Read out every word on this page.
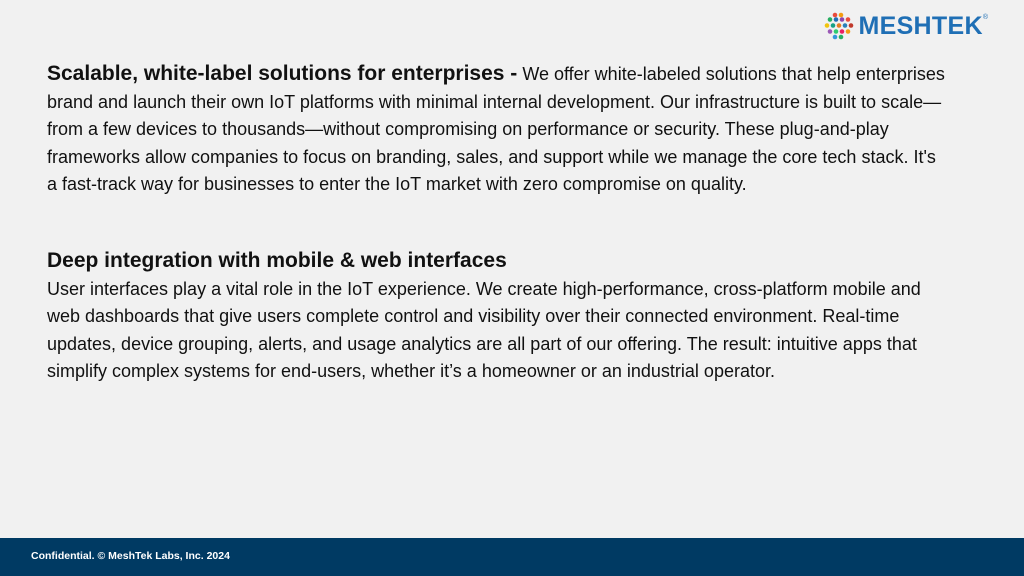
MESHTEK ®

Scalable, white-label solutions for enterprises - We offer white-labeled solutions that help enterprises brand and launch their own IoT platforms with minimal internal development. Our infrastructure is built to scale—from a few devices to thousands—without compromising on performance or security. These plug-and-play frameworks allow companies to focus on branding, sales, and support while we manage the core tech stack. It's a fast-track way for businesses to enter the IoT market with zero compromise on quality.

Deep integration with mobile & web interfaces
User interfaces play a vital role in the IoT experience. We create high-performance, cross-platform mobile and web dashboards that give users complete control and visibility over their connected environment. Real-time updates, device grouping, alerts, and usage analytics are all part of our offering. The result: intuitive apps that simplify complex systems for end-users, whether it’s a homeowner or an industrial operator.

Confidential. © MeshTek Labs, Inc. 2024
